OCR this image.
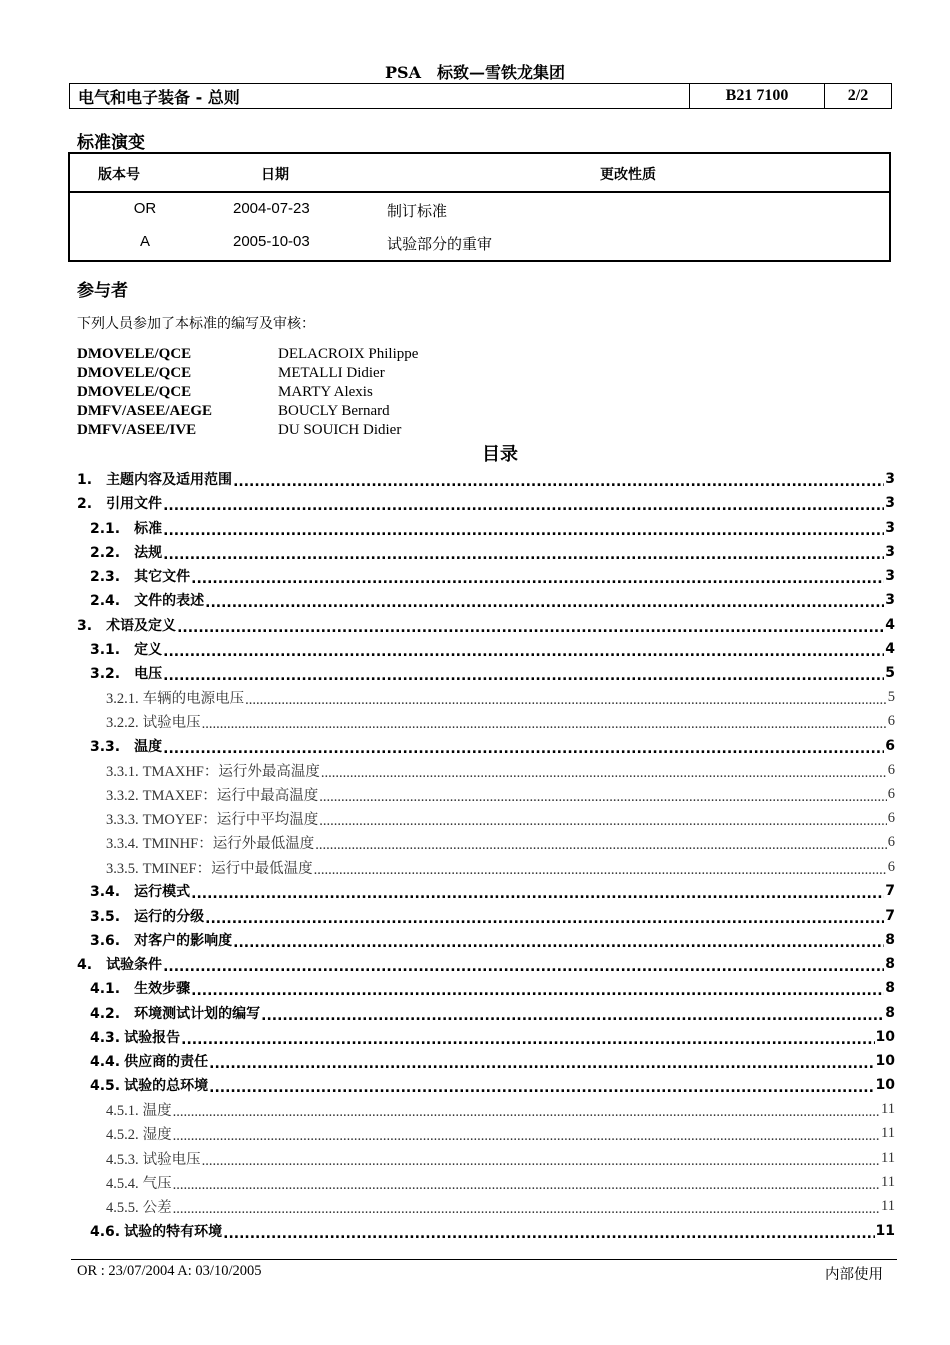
PSA　标致—雪铁龙集团
电气和电子装备 - 总则	B21 7100	2/2
标准演变
版本号	日期	更改性质
OR	2004-07-23	制订标准
A	2005-10-03	试验部分的重审
参与者
下列人员参加了本标准的编写及审核：
DMOVELE/QCE	DELACROIX Philippe
DMOVELE/QCE	METALLI Didier
DMOVELE/QCE	MARTY Alexis
DMFV/ASEE/AEGE	BOUCLY Bernard
DMFV/ASEE/IVE	DU SOUICH Didier
目录
1. 主题内容及适用范围 .....	3
2. 引用文件 .....	3
2.1. 标准 .....	3
2.2. 法规 .....	3
2.3. 其它文件 .....	3
2.4. 文件的表述 .....	3
3. 术语及定义 .....	4
3.1. 定义 .....	4
3.2. 电压 .....	5
3.2.1. 车辆的电源电压 .....	5
3.2.2. 试验电压 .....	6
3.3. 温度 .....	6
3.3.1. TMAXHF：运行外最高温度 .....	6
3.3.2. TMAXEF：运行中最高温度 .....	6
3.3.3. TMOYEF：运行中平均温度 .....	6
3.3.4. TMINHF：运行外最低温度 .....	6
3.3.5. TMINEF：运行中最低温度 .....	6
3.4. 运行模式 .....	7
3.5. 运行的分级 .....	7
3.6. 对客户的影响度 .....	8
4. 试验条件 .....	8
4.1. 生效步骤 .....	8
4.2. 环境测试计划的编写 .....	8
4.3. 试验报告 .....	10
4.4. 供应商的责任 .....	10
4.5. 试验的总环境 .....	10
4.5.1. 温度 .....	11
4.5.2. 湿度 .....	11
4.5.3. 试验电压 .....	11
4.5.4. 气压 .....	11
4.5.5. 公差 .....	11
4.6. 试验的特有环境 .....	11
OR : 23/07/2004 A: 03/10/2005	内部使用
